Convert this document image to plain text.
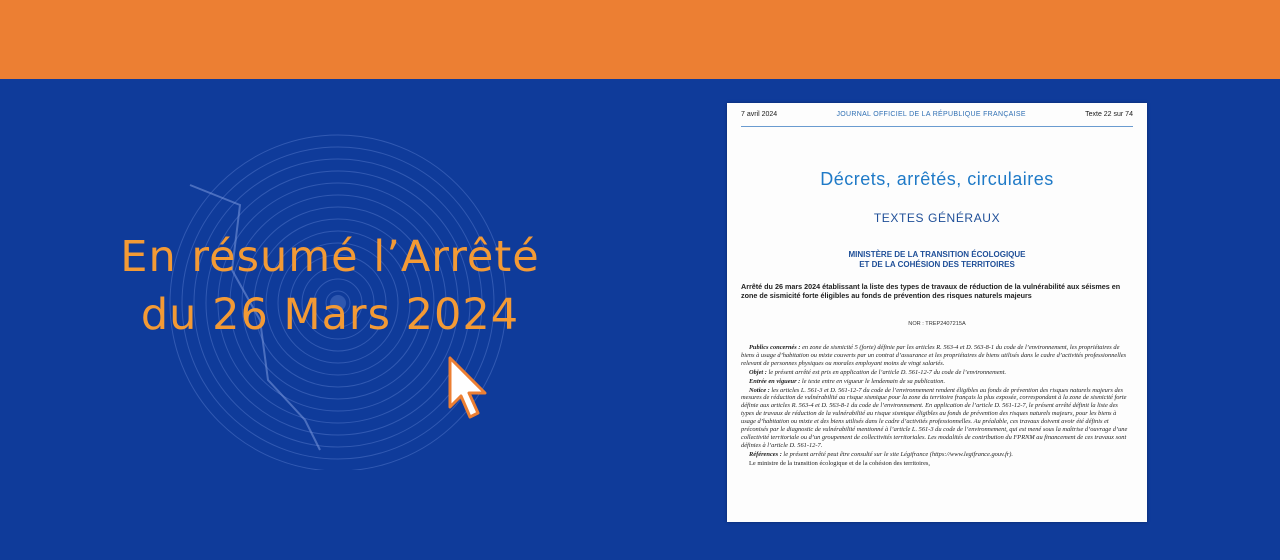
En résumé l’Arrêté
du 26 Mars 2024
7 avril 2024	JOURNAL OFFICIEL DE LA RÉPUBLIQUE FRANÇAISE	Texte 22 sur 74
Décrets, arrêtés, circulaires
TEXTES GÉNÉRAUX
MINISTÈRE DE LA TRANSITION ÉCOLOGIQUE
ET DE LA COHÉSION DES TERRITOIRES
Arrêté du 26 mars 2024 établissant la liste des types de travaux de réduction de la vulnérabilité aux séismes en zone de sismicité forte éligibles au fonds de prévention des risques naturels majeurs
NOR : TREP2407215A

Publics concernés : en zone de sismicité 5 (forte) définie par les articles R. 563-4 et D. 563-8-1 du code de l’environnement, les propriétaires de biens à usage d’habitation ou mixte couverts par un contrat d’assurance et les propriétaires de biens utilisés dans le cadre d’activités professionnelles relevant de personnes physiques ou morales employant moins de vingt salariés.

Objet : le présent arrêté est pris en application de l’article D. 561-12-7 du code de l’environnement.

Entrée en vigueur : le texte entre en vigueur le lendemain de sa publication.

Notice : les articles L. 561-3 et D. 561-12-7 du code de l’environnement rendent éligibles au fonds de prévention des risques naturels majeurs des mesures de réduction de vulnérabilité au risque sismique pour la zone du territoire français la plus exposée, correspondant à la zone de sismicité forte définie aux articles R. 563-4 et D. 563-8-1 du code de l’environnement. En application de l’article D. 561-12-7, le présent arrêté définit la liste des types de travaux de réduction de la vulnérabilité au risque sismique éligibles au fonds de prévention des risques naturels majeurs, pour les biens à usage d’habitation ou mixte et des biens utilisés dans le cadre d’activités professionnelles. Au préalable, ces travaux doivent avoir été définis et préconisés par le diagnostic de vulnérabilité mentionné à l’article L. 561-3 du code de l’environnement, qui est mené sous la maîtrise d’ouvrage d’une collectivité territoriale ou d’un groupement de collectivités territoriales. Les modalités de contribution du FPRNM au financement de ces travaux sont définies à l’article D. 561-12-7.

Références : le présent arrêté peut être consulté sur le site Légifrance (https://www.legifrance.gouv.fr).

Le ministre de la transition écologique et de la cohésion des territoires,
